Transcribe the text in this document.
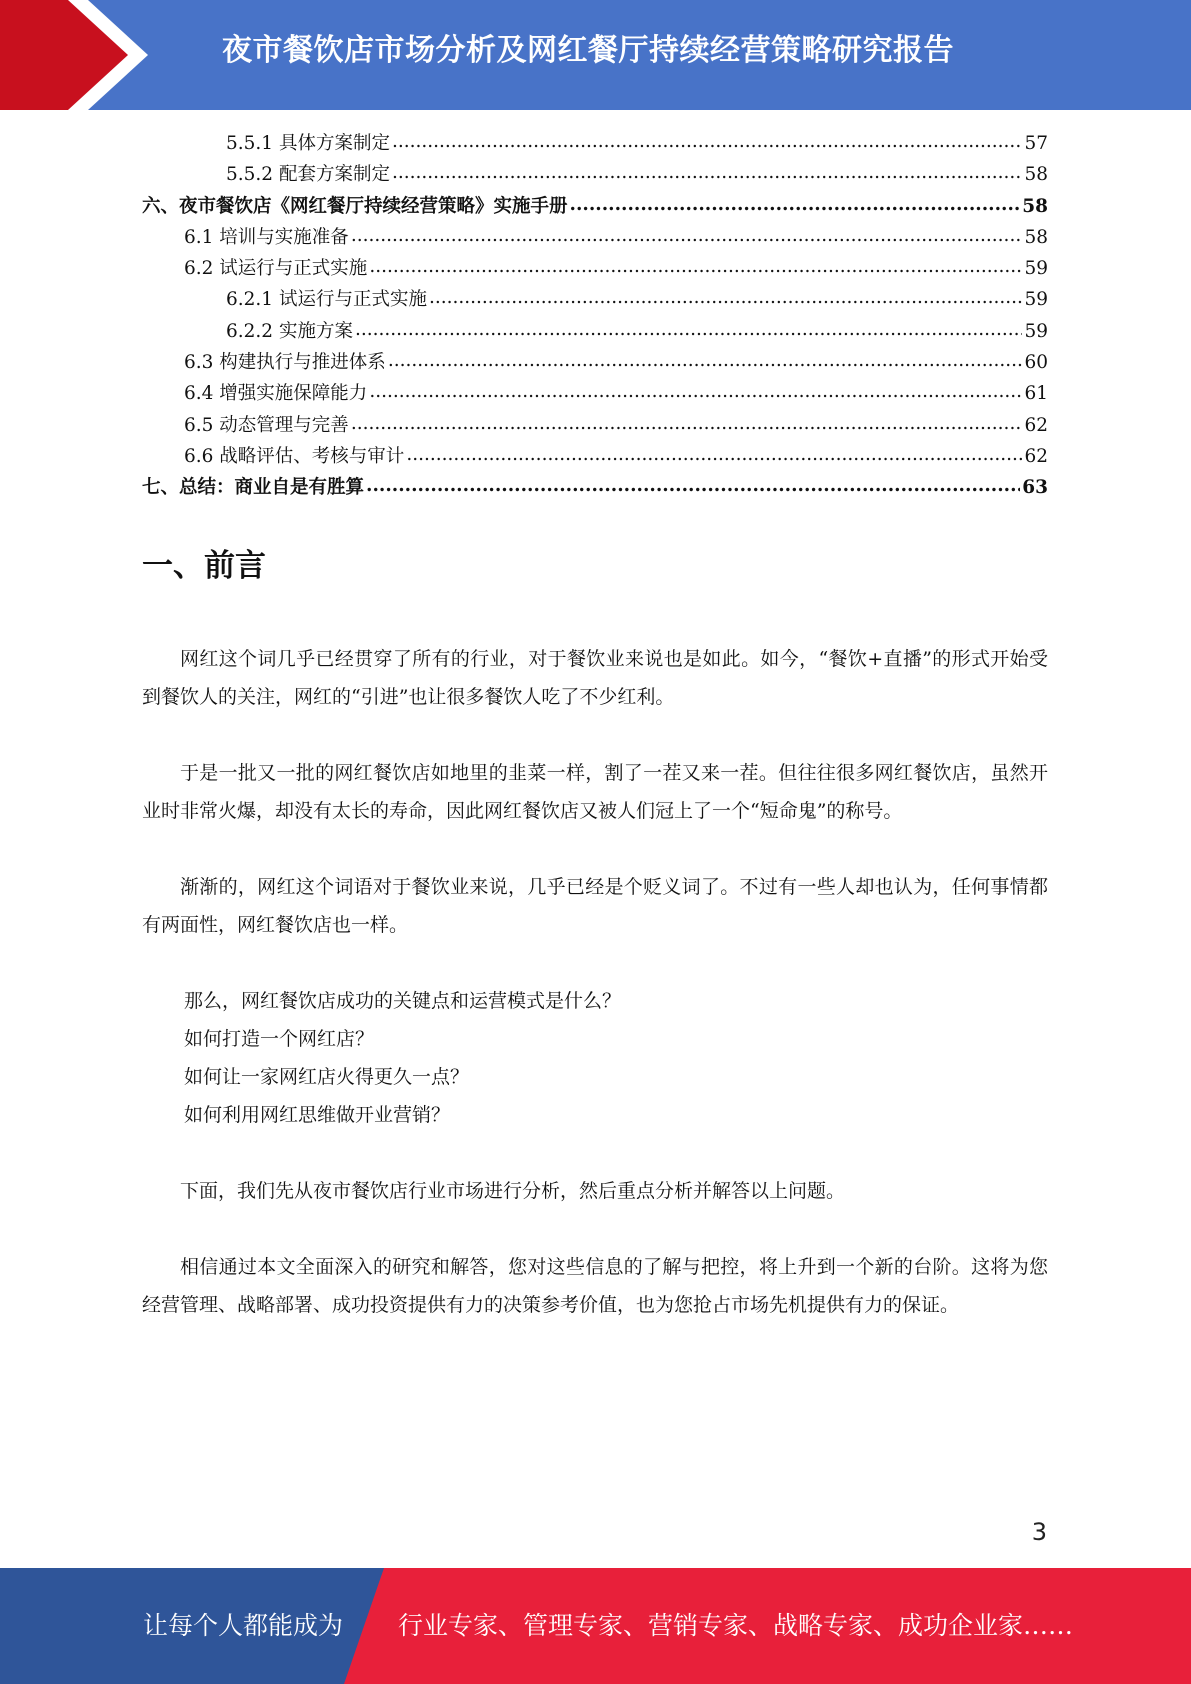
夜市餐饮店市场分析及网红餐厅持续经营策略研究报告
5.5.1 具体方案制定 .....	57
5.5.2 配套方案制定 .....	58
六、夜市餐饮店《网红餐厅持续经营策略》实施手册 .....	58
6.1 培训与实施准备 .....	58
6.2 试运行与正式实施 .....	59
6.2.1 试运行与正式实施 .....	59
6.2.2 实施方案 .....	59
6.3 构建执行与推进体系 .....	60
6.4 增强实施保障能力 .....	61
6.5 动态管理与完善 .....	62
6.6 战略评估、考核与审计 .....	62
七、总结：商业自是有胜算 .....	63
一、前言

网红这个词几乎已经贯穿了所有的行业，对于餐饮业来说也是如此。如今，“餐饮+直播”的形式开始受到餐饮人的关注，网红的“引进”也让很多餐饮人吃了不少红利。

于是一批又一批的网红餐饮店如地里的韭菜一样，割了一茬又来一茬。但往往很多网红餐饮店，虽然开业时非常火爆，却没有太长的寿命，因此网红餐饮店又被人们冠上了一个“短命鬼”的称号。

渐渐的，网红这个词语对于餐饮业来说，几乎已经是个贬义词了。不过有一些人却也认为，任何事情都有两面性，网红餐饮店也一样。

那么，网红餐饮店成功的关键点和运营模式是什么？
如何打造一个网红店？
如何让一家网红店火得更久一点？
如何利用网红思维做开业营销？

下面，我们先从夜市餐饮店行业市场进行分析，然后重点分析并解答以上问题。

相信通过本文全面深入的研究和解答，您对这些信息的了解与把控，将上升到一个新的台阶。这将为您经营管理、战略部署、成功投资提供有力的决策参考价值，也为您抢占市场先机提供有力的保证。

3
让每个人都能成为 行业专家、管理专家、营销专家、战略专家、成功企业家……
